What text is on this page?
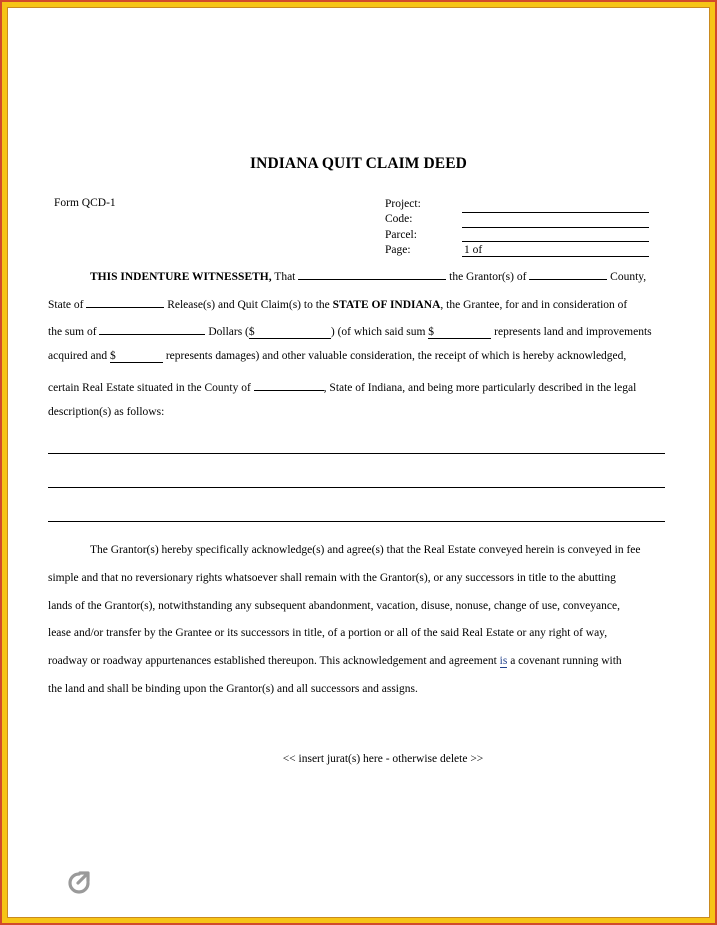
INDIANA QUIT CLAIM DEED
Form QCD-1	Project:
Code:
Parcel:
Page:	1 of
THIS INDENTURE WITNESSETH, That	the Grantor(s) of	County,
State of	Release(s) and Quit Claim(s) to the STATE OF INDIANA, the Grantee, for and in consideration of
the sum of	Dollars ($	) (of which said sum $	represents land and improvements
acquired and $	represents damages) and other valuable consideration, the receipt of which is hereby acknowledged,
certain Real Estate situated in the County of	, State of Indiana, and being more particularly described in the legal
description(s) as follows:
The Grantor(s) hereby specifically acknowledge(s) and agree(s) that the Real Estate conveyed herein is conveyed in fee
simple and that no reversionary rights whatsoever shall remain with the Grantor(s), or any successors in title to the abutting
lands of the Grantor(s), notwithstanding any subsequent abandonment, vacation, disuse, nonuse, change of use, conveyance,
lease and/or transfer by the Grantee or its successors in title, of a portion or all of the said Real Estate or any right of way,
roadway or roadway appurtenances established thereupon. This acknowledgement and agreement is a covenant running with
the land and shall be binding upon the Grantor(s) and all successors and assigns.
<< insert jurat(s) here - otherwise delete >>
